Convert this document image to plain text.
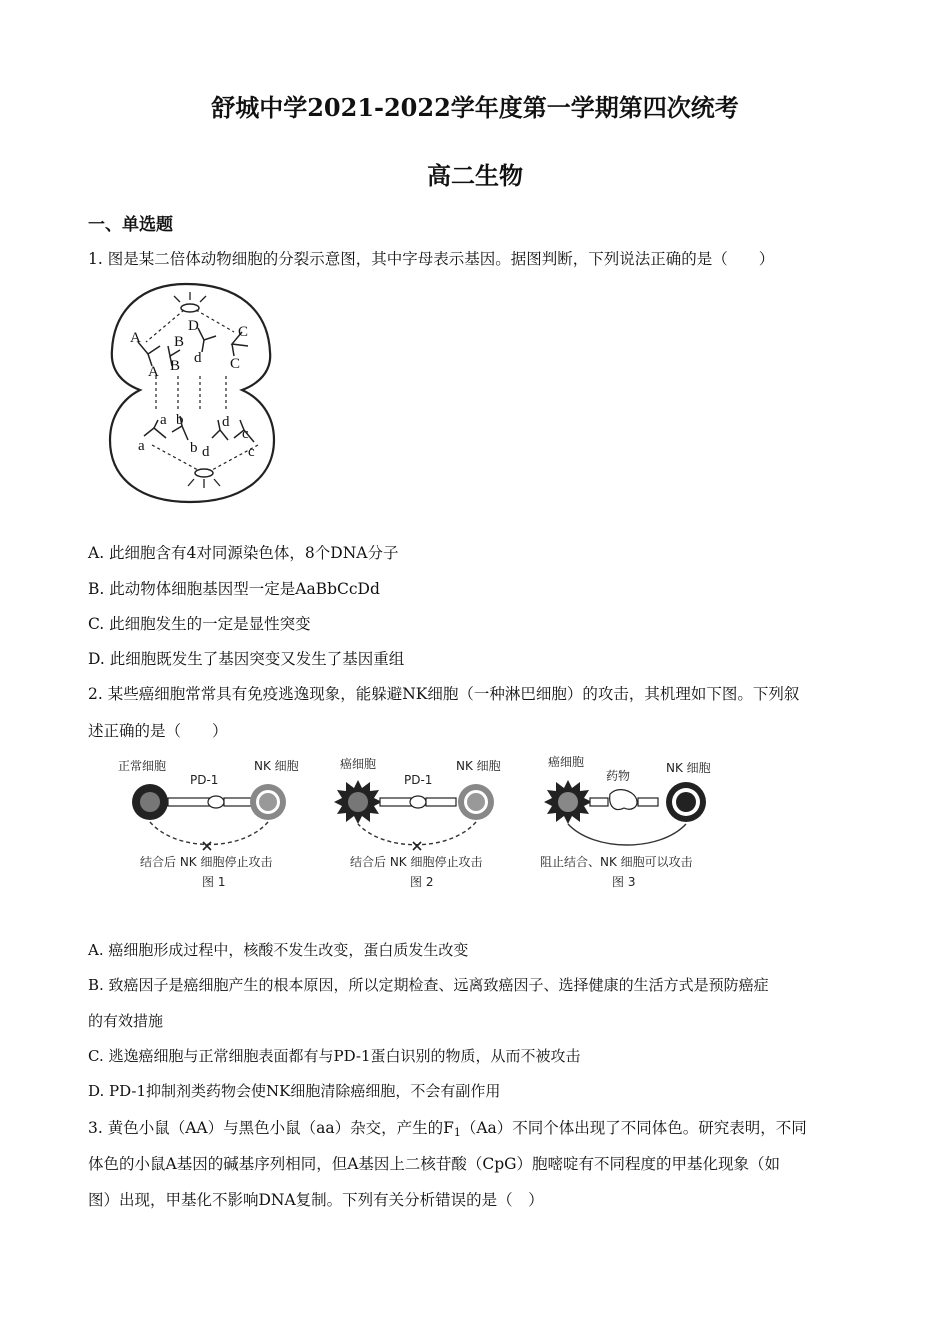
舒城中学2021-2022学年度第一学期第四次统考
高二生物
一、单选题
1. 图是某二倍体动物细胞的分裂示意图，其中字母表示基因。据图判断，下列说法正确的是（　　）
A B
D	C
A B d C
a b	d
a	b d
c
c
A. 此细胞含有4对同源染色体，8个DNA分子
B. 此动物体细胞基因型一定是AaBbCcDd
C. 此细胞发生的一定是显性突变
D. 此细胞既发生了基因突变又发生了基因重组
2. 某些癌细胞常常具有免疫逃逸现象，能躲避NK细胞（一种淋巴细胞）的攻击，其机理如下图。下列叙
述正确的是（　　）
正常细胞
PD-1
NK 细胞
结合后 NK 细胞停止攻击
图 1
癌细胞
PD-1
NK 细胞
结合后 NK 细胞停止攻击
图 2
癌细胞
药物
NK 细胞
阻止结合、NK 细胞可以攻击
图 3
A. 癌细胞形成过程中，核酸不发生改变，蛋白质发生改变
B. 致癌因子是癌细胞产生的根本原因，所以定期检查、远离致癌因子、选择健康的生活方式是预防癌症
的有效措施
C. 逃逸癌细胞与正常细胞表面都有与PD-1蛋白识别的物质，从而不被攻击
D. PD-1抑制剂类药物会使NK细胞清除癌细胞，不会有副作用
3. 黄色小鼠（AA）与黑色小鼠（aa）杂交，产生的$F_1(Aa)$不同个体出现了不同体色。研究表明，不同
体色的小鼠A基因的碱基序列相同，但A基因上二核苷酸（CpG）胞嘧啶有不同程度的甲基化现象（如
图）出现，甲基化不影响DNA复制。下列有关分析错误的是（　）
